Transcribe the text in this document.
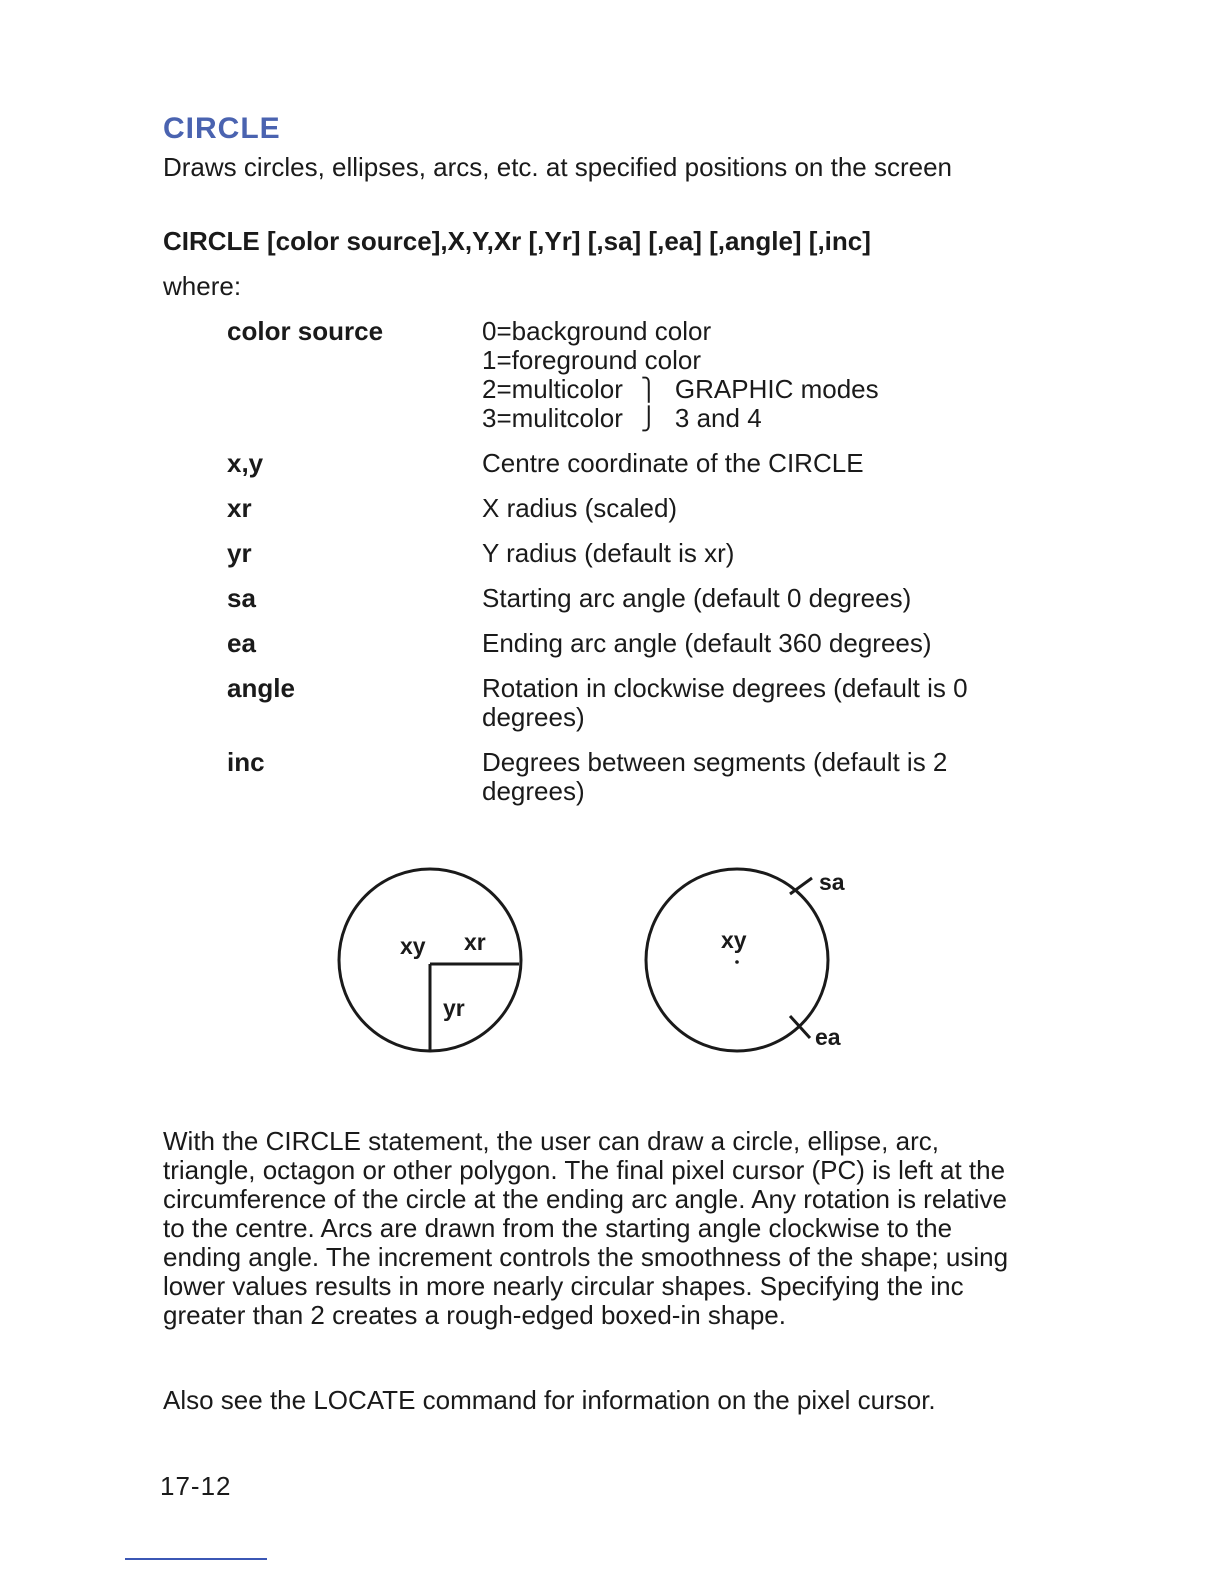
CIRCLE
Draws circles, ellipses, arcs, etc. at specified positions on the screen
CIRCLE [color source],X,Y,Xr [,Yr] [,sa] [,ea] [,angle] [,inc]
where:
color source	0=background color
1=foreground color
2=multicolor ⎫ GRAPHIC modes
3=mulitcolor ⎭ 3 and 4
x,y	Centre coordinate of the CIRCLE
xr	X radius (scaled)
yr	Y radius (default is xr)
sa	Starting arc angle (default 0 degrees)
ea	Ending arc angle (default 360 degrees)
angle	Rotation in clockwise degrees (default is 0 degrees)
inc	Degrees between segments (default is 2 degrees)
xy xr
yr
xy
sa
ea
With the CIRCLE statement, the user can draw a circle, ellipse, arc, triangle, octagon or other polygon. The final pixel cursor (PC) is left at the circumference of the circle at the ending arc angle. Any rotation is relative to the centre. Arcs are drawn from the starting angle clockwise to the ending angle. The increment controls the smoothness of the shape; using lower values results in more nearly circular shapes. Specifying the inc greater than 2 creates a rough-edged boxed-in shape.
Also see the LOCATE command for information on the pixel cursor.
17-12
